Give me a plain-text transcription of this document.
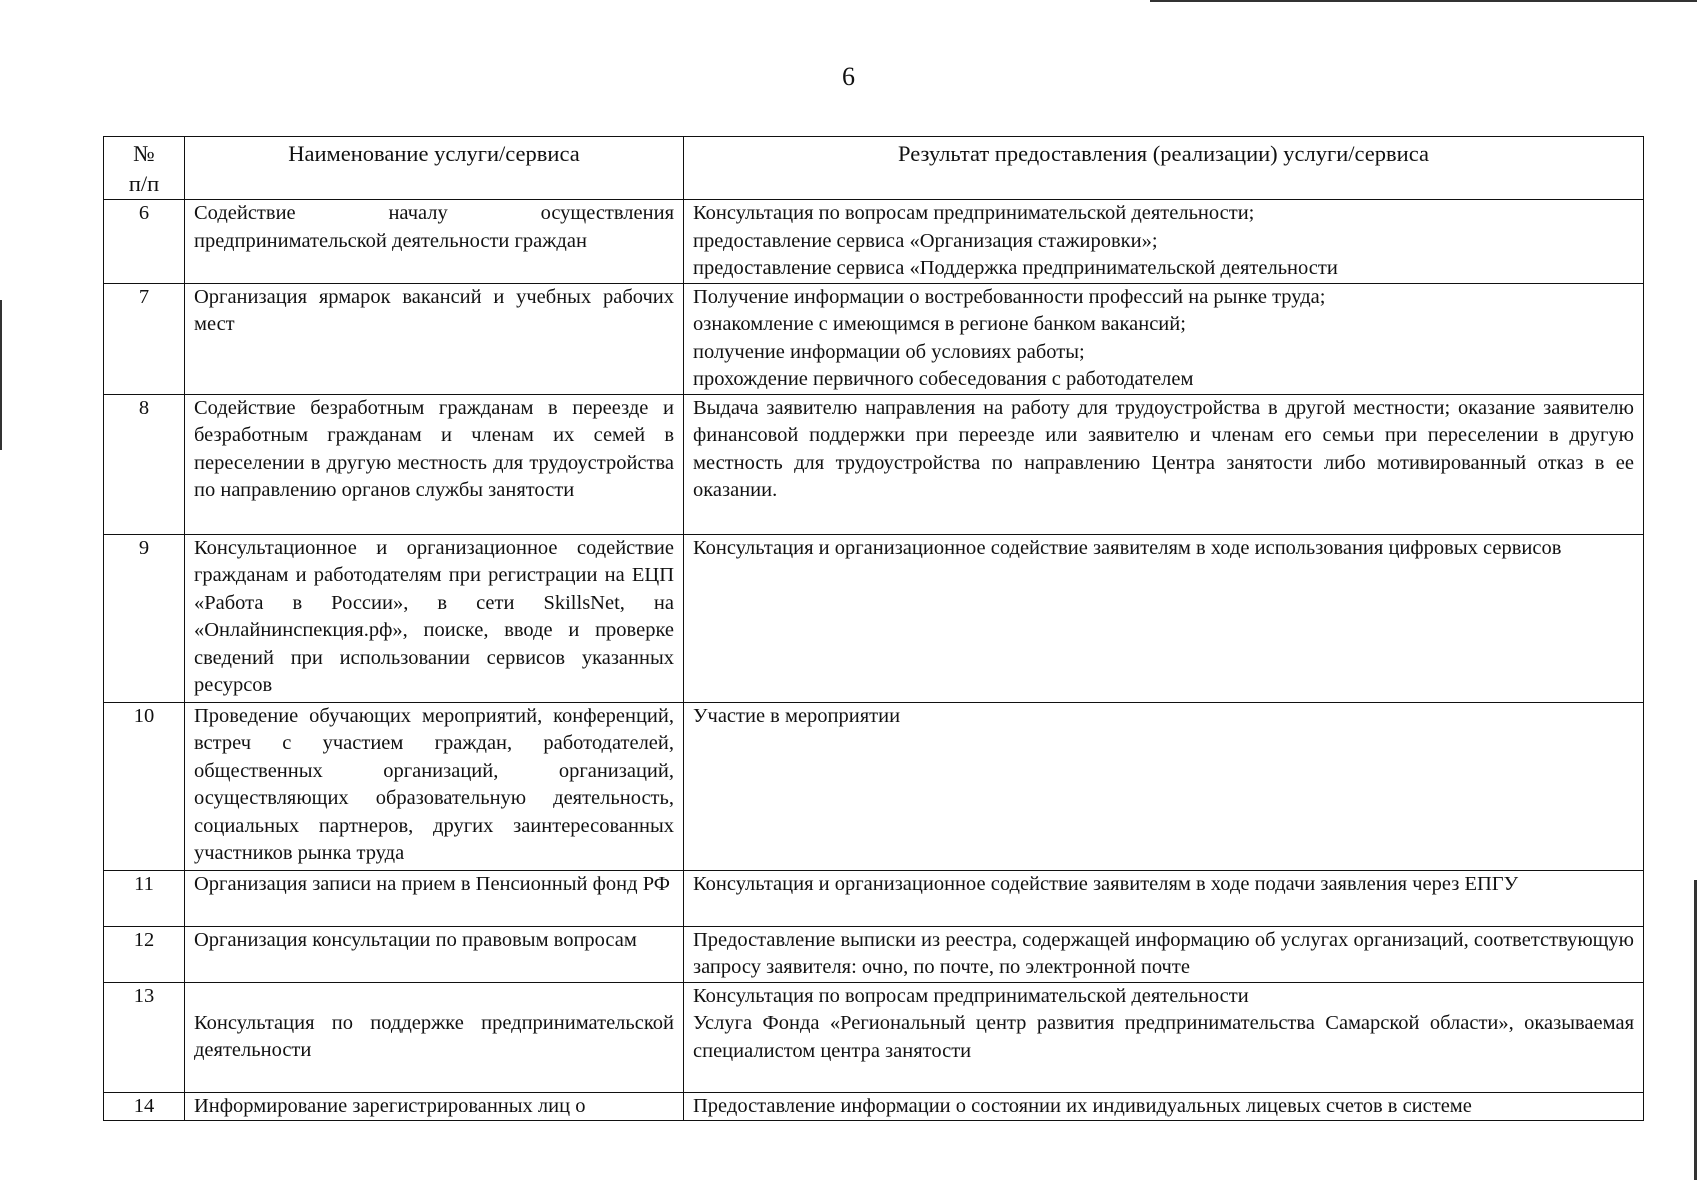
6
№
п/п	Наименование услуги/сервиса	Результат предоставления (реализации) услуги/сервиса
6	Содействие началу осуществления предпринимательской деятельности граждан	Консультация по вопросам предпринимательской деятельности;
предоставление сервиса «Организация стажировки»;
предоставление сервиса «Поддержка предпринимательской деятельности

7	Организация ярмарок вакансий и учебных рабочих мест	Получение информации о востребованности профессий на рынке труда;
ознакомление с имеющимся в регионе банком вакансий;
получение информации об условиях работы;
прохождение первичного собеседования с работодателем

8	Содействие безработным гражданам в переезде и безработным гражданам и членам их семей в переселении в другую местность для трудоустройства по направлению органов службы занятости	Выдача заявителю направления на работу для трудоустройства в другой местности; оказание заявителю финансовой поддержки при переезде или заявителю и членам его семьи при переселении в другую местность для трудоустройства по направлению Центра занятости либо мотивированный отказ в ее оказании.

9	Консультационное и организационное содействие гражданам и работодателям при регистрации на ЕЦП «Работа в России», в сети SkillsNet, на «Онлайнинспекция.рф», поиске, вводе и проверке сведений при использовании сервисов указанных ресурсов	Консультация и организационное содействие заявителям в ходе использования цифровых сервисов

10	Проведение обучающих мероприятий, конференций, встреч с участием граждан, работодателей, общественных организаций, организаций, осуществляющих образовательную деятельность, социальных партнеров, других заинтересованных участников рынка труда	Участие в мероприятии

11	Организация записи на прием в Пенсионный фонд РФ	Консультация и организационное содействие заявителям в ходе подачи заявления через ЕПГУ

12	Организация консультации по правовым вопросам	Предоставление выписки из реестра, содержащей информацию об услугах организаций, соответствующую запросу заявителя: очно, по почте, по электронной почте

13	Консультация по поддержке предпринимательской деятельности	Консультация по вопросам предпринимательской деятельности
Услуга Фонда «Региональный центр развития предпринимательства Самарской области», оказываемая специалистом центра занятости

14	Информирование зарегистрированных лиц о	Предоставление информации о состоянии их индивидуальных лицевых счетов в системе
